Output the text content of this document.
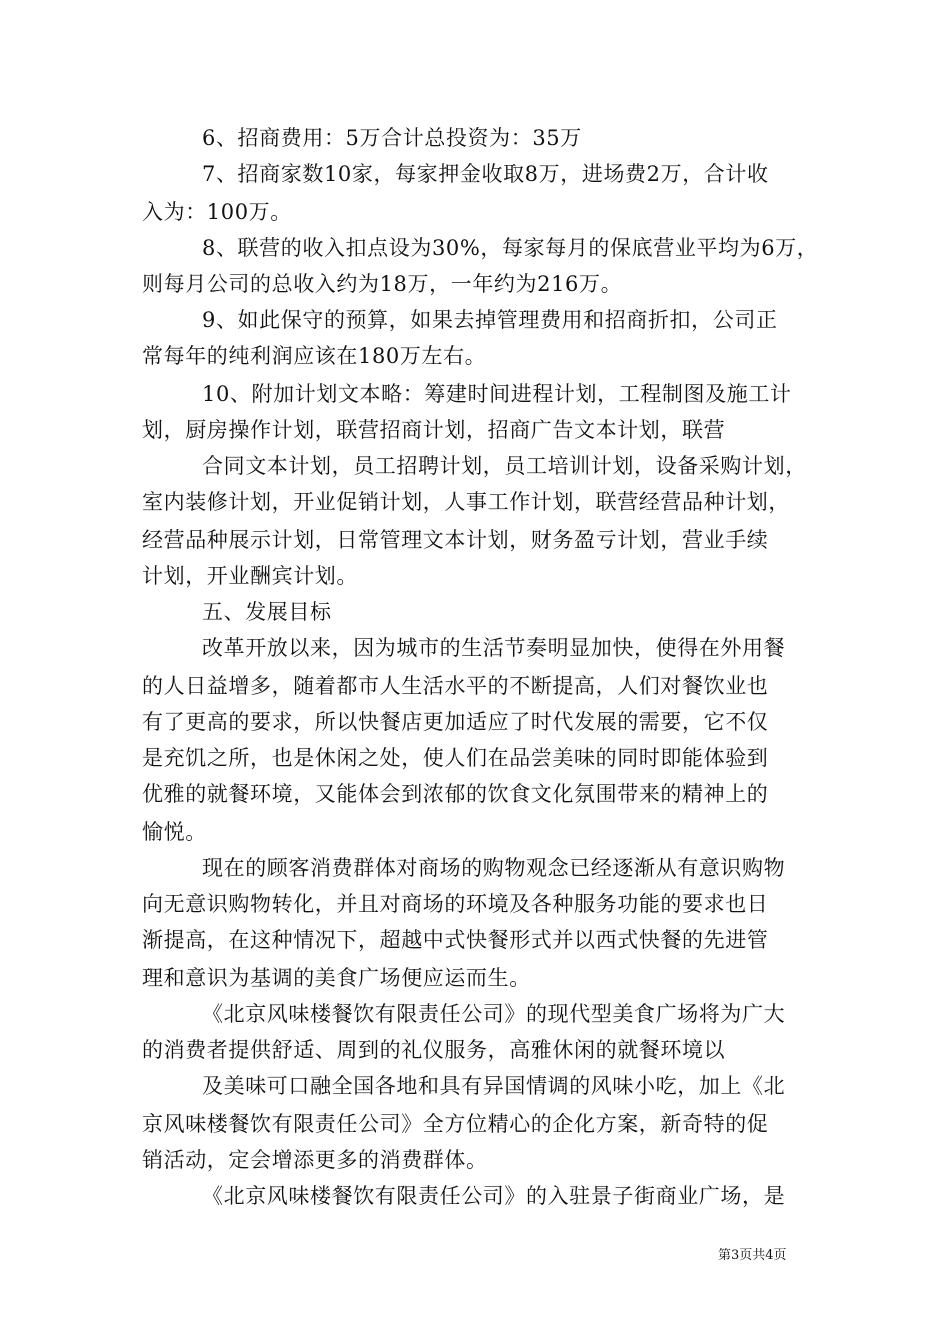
6、招商费用：5万合计总投资为：35万
7、招商家数10家，每家押金收取8万，进场费2万，合计收
入为：100万。
8、联营的收入扣点设为30%，每家每月的保底营业平均为6万，
则每月公司的总收入约为18万，一年约为216万。
9、如此保守的预算，如果去掉管理费用和招商折扣，公司正
常每年的纯利润应该在180万左右。
10、附加计划文本略：筹建时间进程计划，工程制图及施工计
划，厨房操作计划，联营招商计划，招商广告文本计划，联营
合同文本计划，员工招聘计划，员工培训计划，设备采购计划，
室内装修计划，开业促销计划，人事工作计划，联营经营品种计划，
经营品种展示计划，日常管理文本计划，财务盈亏计划，营业手续
计划，开业酬宾计划。
五、发展目标
改革开放以来，因为城市的生活节奏明显加快，使得在外用餐
的人日益增多，随着都市人生活水平的不断提高，人们对餐饮业也
有了更高的要求，所以快餐店更加适应了时代发展的需要，它不仅
是充饥之所，也是休闲之处，使人们在品尝美味的同时即能体验到
优雅的就餐环境，又能体会到浓郁的饮食文化氛围带来的精神上的
愉悦。
现在的顾客消费群体对商场的购物观念已经逐渐从有意识购物
向无意识购物转化，并且对商场的环境及各种服务功能的要求也日
渐提高，在这种情况下，超越中式快餐形式并以西式快餐的先进管
理和意识为基调的美食广场便应运而生。
《北京风味楼餐饮有限责任公司》的现代型美食广场将为广大
的消费者提供舒适、周到的礼仪服务，高雅休闲的就餐环境以
及美味可口融全国各地和具有异国情调的风味小吃，加上《北
京风味楼餐饮有限责任公司》全方位精心的企化方案，新奇特的促
销活动，定会增添更多的消费群体。
《北京风味楼餐饮有限责任公司》的入驻景子街商业广场，是
第3页共4页
